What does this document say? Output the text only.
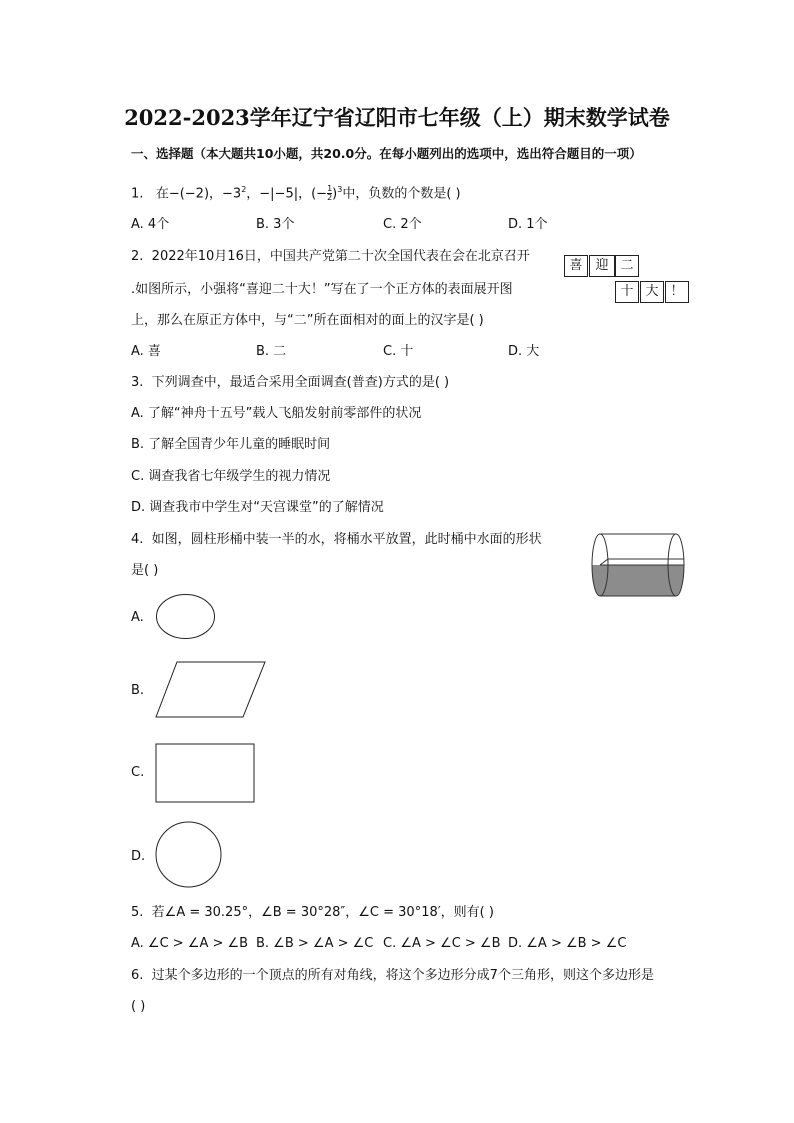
2022-2023学年辽宁省辽阳市七年级（上）期末数学试卷
一、选择题（本大题共10小题，共20.0分。在每小题列出的选项中，选出符合题目的一项）
1. 在−(−2)，$-3^2$，−|−5|，(− $\frac{1}{2} )^3$中，负数的个数是( )
A. 4个	B. 3个	C. 2个	D. 1个
2. 2022年10月16日，中国共产党第二十次全国代表在会在北京召开
.如图所示，小强将“喜迎二十大！”写在了一个正方体的表面展开图
上，那么在原正方体中，与“二”所在面相对的面上的汉字是( )
喜 迎 二
十 大 ！
A. 喜	B. 二	C. 十	D. 大
3. 下列调查中，最适合采用全面调查(普查)方式的是( )
A. 了解“神舟十五号”载人飞船发射前零部件的状况
B. 了解全国青少年儿童的睡眠时间
C. 调查我省七年级学生的视力情况
D. 调查我市中学生对“天宫课堂”的了解情况
4. 如图，圆柱形桶中装一半的水，将桶水平放置，此时桶中水面的形状
是( )
A.
B.
C.
D.
5. 若∠A = 30.25°，∠B = 30°28″，∠C = 30°18′，则有( )
A. ∠C > ∠A > ∠B B. ∠B > ∠A > ∠C C. ∠A > ∠C > ∠B D. ∠A > ∠B > ∠C
6. 过某个多边形的一个顶点的所有对角线，将这个多边形分成7个三角形，则这个多边形是
( )
